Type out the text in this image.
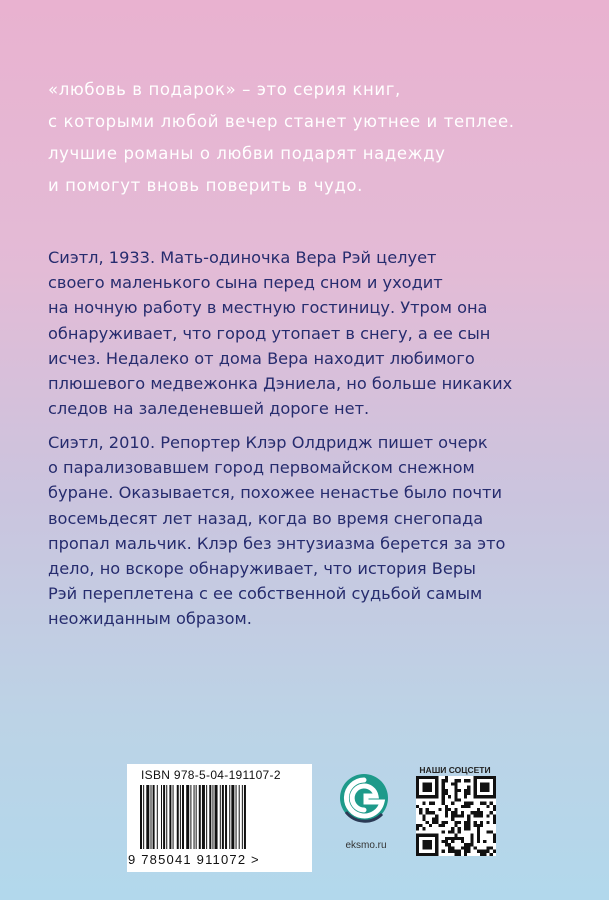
«любовь в подарок» – это серия книг,
с которыми любой вечер станет уютнее и теплее.
лучшие романы о любви подарят надежду
и помогут вновь поверить в чудо.
Сиэтл, 1933. Мать-одиночка Вера Рэй целует
своего маленького сына перед сном и уходит
на ночную работу в местную гостиницу. Утром она
обнаруживает, что город утопает в снегу, а ее сын
исчез. Недалеко от дома Вера находит любимого
плюшевого медвежонка Дэниела, но больше никаких
следов на заледеневшей дороге нет.
Сиэтл, 2010. Репортер Клэр Олдридж пишет очерк
о парализовавшем город первомайском снежном
буране. Оказывается, похожее ненастье было почти
восемьдесят лет назад, когда во время снегопада
пропал мальчик. Клэр без энтузиазма берется за это
дело, но вскоре обнаруживает, что история Веры
Рэй переплетена с ее собственной судьбой самым
неожиданным образом.
ISBN 978-5-04-191107-2
9 785041 911072 >
eksmo.ru
НАШИ СОЦСЕТИ
